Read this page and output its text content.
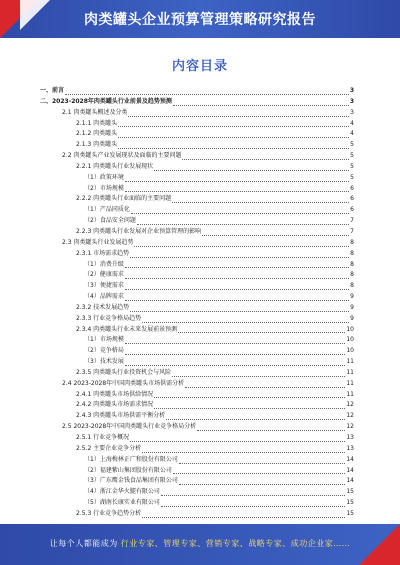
肉类罐头企业预算管理策略研究报告
内容目录
一、前言	3
二、2023-2028年肉类罐头行业前景及趋势预测	3
2.1 肉类罐头概述及分类	3
2.1.1 肉类罐头	4
2.1.2 肉类罐头	4
2.1.3 肉类罐头	5
2.2 肉类罐头产业发展现状及面临的主要问题	5
2.2.1 肉类罐头行业发展现状	5
（1）政策环境	5
（2）市场规模	6
2.2.2 肉类罐头行业面临的主要问题	6
（1）产品同质化	6
（2）食品安全问题	7
2.2.3 肉类罐头行业发展对企业预算管理的影响	7
2.3 肉类罐头行业发展趋势	8
2.3.1 市场需求趋势	8
（1）消费升级	8
（2）健康需求	8
（3）便捷需求	8
（4）品牌需求	9
2.3.2 技术发展趋势	9
2.3.3 行业竞争格局趋势	9
2.3.4 肉类罐头行业未来发展前景预测	10
（1）市场规模	10
（2）竞争格局	10
（3）技术发展	11
2.3.5 肉类罐头行业投资机会与风险	11
2.4 2023-2028年中国肉类罐头市场供需分析	11
2.4.1 肉类罐头市场供给情况	11
2.4.2 肉类罐头市场需求情况	12
2.4.3 肉类罐头市场供需平衡分析	12
2.5 2023-2028年中国肉类罐头行业竞争格局分析	12
2.5.1 行业竞争概况	13
2.5.2 主要企业竞争分析	13
（1）上海梅林正广和股份有限公司	14
（2）福建紫山集团股份有限公司	14
（3）广东鹰金钱食品集团有限公司	14
（4）浙江金华火腿有限公司	15
（5）湖南长康实业有限公司	15
2.5.3 行业竞争趋势分析	15
让每个人都能成为 行业专家、管理专家、营销专家、战略专家、成功企业家……
